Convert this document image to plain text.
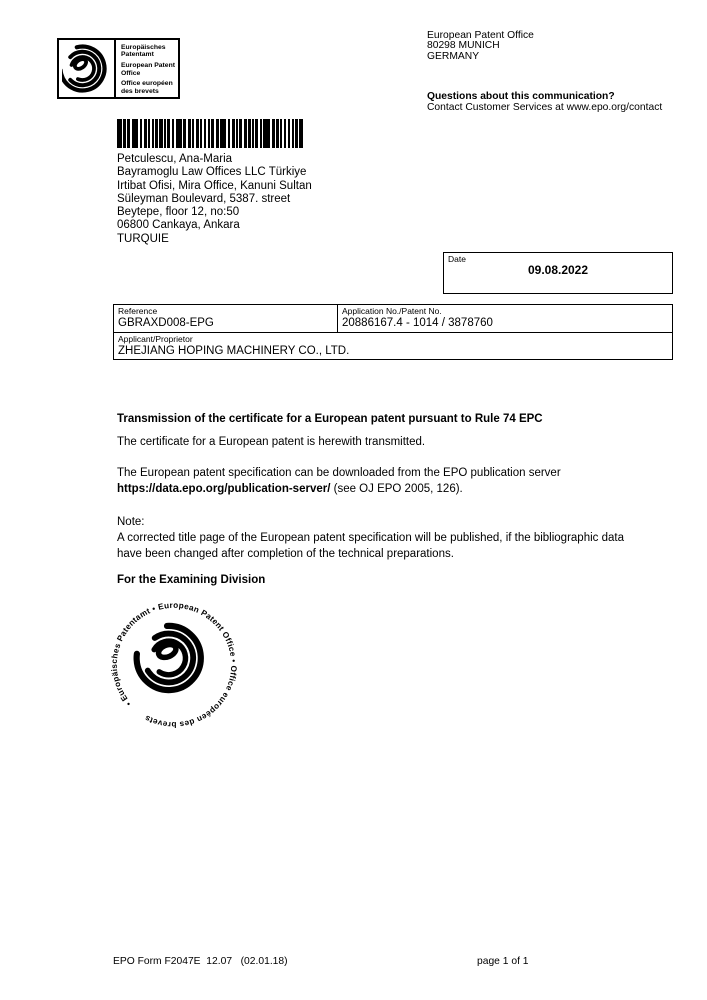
Europäisches Patentamt
European Patent Office
Office européen des brevets
European Patent Office
80298 MUNICH
GERMANY
Questions about this communication?
Contact Customer Services at www.epo.org/contact
Petculescu, Ana-Maria
Bayramoglu Law Offices LLC Türkiye
Irtibat Ofisi, Mira Office, Kanuni Sultan
Süleyman Boulevard, 5387. street
Beytepe, floor 12, no:50
06800 Cankaya, Ankara
TURQUIE
Date
09.08.2022
Reference
GBRAXD008-EPG
Application No./Patent No.
20886167.4 - 1014 / 3878760
Applicant/Proprietor
ZHEJIANG HOPING MACHINERY CO., LTD.
Transmission of the certificate for a European patent pursuant to Rule 74 EPC
The certificate for a European patent is herewith transmitted.
The European patent specification can be downloaded from the EPO publication server
https://data.epo.org/publication-server/ (see OJ EPO 2005, 126).
Note:
A corrected title page of the European patent specification will be published, if the bibliographic data
have been changed after completion of the technical preparations.
For the Examining Division
• Europäisches Patentamt • European Patent Office • Office européen des brevets
EPO Form F2047E  12.07   (02.01.18)	page 1 of 1
